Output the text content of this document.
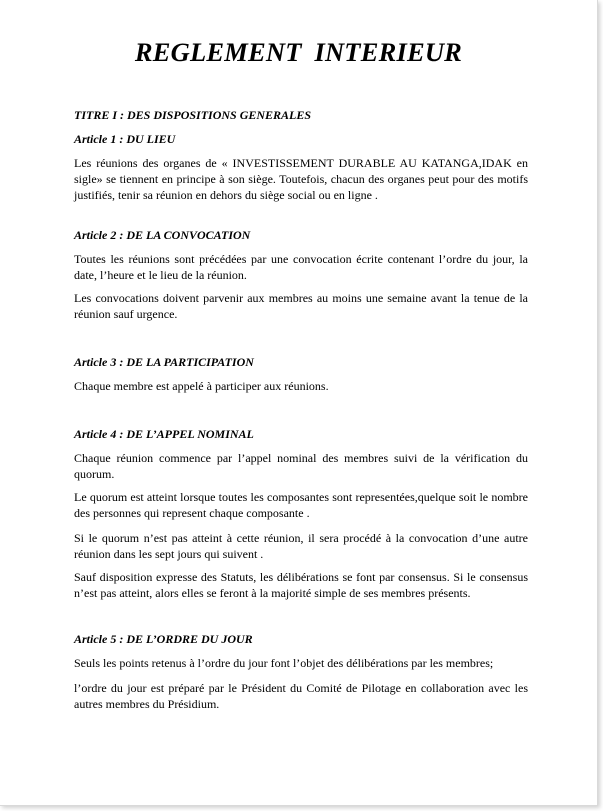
REGLEMENT INTERIEUR
TITRE I : DES DISPOSITIONS GENERALES
Article 1 : DU LIEU
Les réunions des organes de « INVESTISSEMENT DURABLE AU KATANGA,IDAK en sigle» se tiennent en principe à son siège. Toutefois, chacun des organes peut pour des motifs justifiés, tenir sa réunion en dehors du siège social ou en ligne .
Article 2 : DE LA CONVOCATION
Toutes les réunions sont précédées par une convocation écrite contenant l’ordre du jour, la date, l’heure et le lieu de la réunion.
Les convocations doivent parvenir aux membres au moins une semaine avant la tenue de la réunion sauf urgence.
Article 3 : DE LA PARTICIPATION
Chaque membre est appelé à participer aux réunions.
Article 4 : DE L’APPEL NOMINAL
Chaque réunion commence par l’appel nominal des membres suivi de la vérification du quorum.
Le quorum est atteint lorsque toutes les composantes sont representées,quelque soit le nombre des personnes qui represent chaque composante .
Si le quorum n’est pas atteint à cette réunion, il sera procédé à la convocation d’une autre réunion dans les sept jours qui suivent .
Sauf disposition expresse des Statuts, les délibérations se font par consensus. Si le consensus n’est pas atteint, alors elles se feront à la majorité simple de ses membres présents.
Article 5 : DE L’ORDRE DU JOUR
Seuls les points retenus à l’ordre du jour font l’objet des délibérations par les membres;
l’ordre du jour est préparé par le Président du Comité de Pilotage en collaboration avec les autres membres du Présidium.
